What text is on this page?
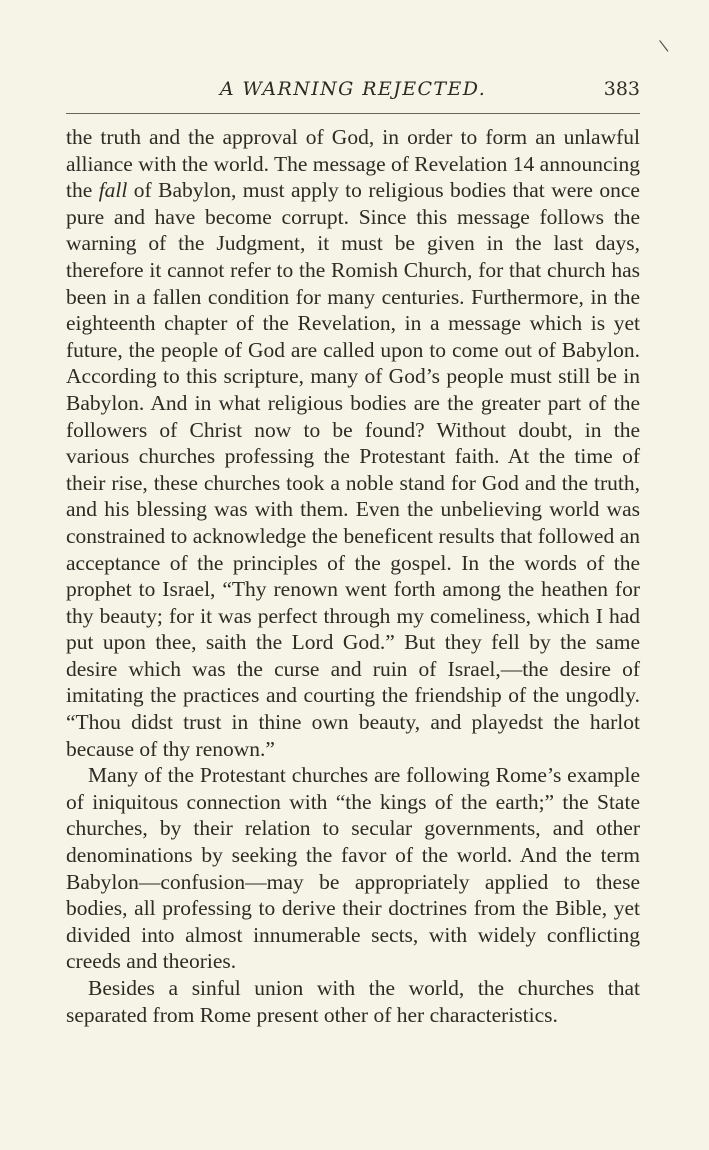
\
A WARNING REJECTED.	383

the truth and the approval of God, in order to form an unlawful alliance with the world. The message of Revelation 14 announcing the fall of Babylon, must apply to religious bodies that were once pure and have become corrupt. Since this message follows the warning of the Judgment, it must be given in the last days, therefore it cannot refer to the Romish Church, for that church has been in a fallen condition for many centuries. Furthermore, in the eighteenth chapter of the Revelation, in a message which is yet future, the people of God are called upon to come out of Babylon. According to this scripture, many of God’s people must still be in Babylon. And in what religious bodies are the greater part of the followers of Christ now to be found? Without doubt, in the various churches professing the Protestant faith. At the time of their rise, these churches took a noble stand for God and the truth, and his blessing was with them. Even the unbelieving world was constrained to acknowledge the beneficent results that followed an acceptance of the principles of the gospel. In the words of the prophet to Israel, “Thy renown went forth among the heathen for thy beauty; for it was perfect through my comeliness, which I had put upon thee, saith the Lord God.” But they fell by the same desire which was the curse and ruin of Israel,—the desire of imitating the practices and courting the friendship of the ungodly. “Thou didst trust in thine own beauty, and playedst the harlot because of thy renown.”

Many of the Protestant churches are following Rome’s example of iniquitous connection with “the kings of the earth;” the State churches, by their relation to secular governments, and other denominations by seeking the favor of the world. And the term Babylon—confusion—may be appropriately applied to these bodies, all professing to derive their doctrines from the Bible, yet divided into almost innumerable sects, with widely conflicting creeds and theories.

Besides a sinful union with the world, the churches that separated from Rome present other of her characteristics.
